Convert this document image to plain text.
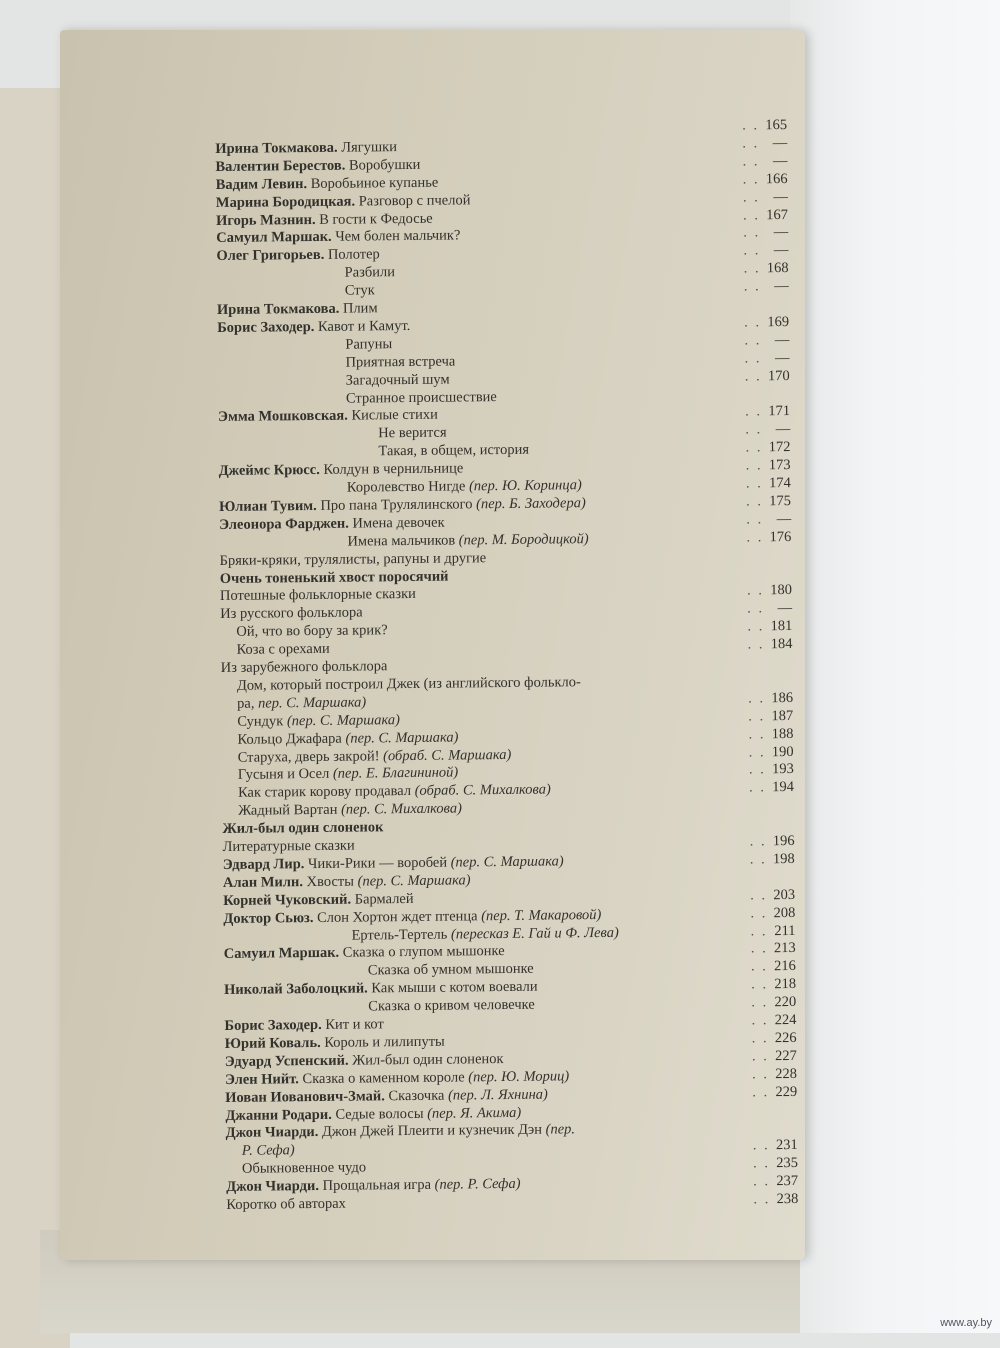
. . 165
Ирина Токмакова. Лягушки	. . —
Валентин Берестов. Воробушки	. . —
Вадим Левин. Воробьиное купанье	. . 166
Марина Бородицкая. Разговор с пчелой	. . —
Игорь Мазнин. В гости к Федосье	. . 167
Самуил Маршак. Чем болен мальчик?	. . —
Олег Григорьев. Полотер	. . —
Разбили	. . 168
Стук	. . —
Ирина Токмакова. Плим
Борис Заходер. Кавот и Камут.	. . 169
Рапуны	. . —
Приятная встреча	. . —
Загадочный шум	. . 170
Странное происшествие
Эмма Мошковская. Кислые стихи	. . 171
Не верится	. . —
Такая, в общем, история	. . 172
Джеймс Крюсс. Колдун в чернильнице	. . 173
Королевство Нигде (пер. Ю. Коринца)	. . 174
Юлиан Тувим. Про пана Трулялинского (пер. Б. Заходера)	. . 175
Элеонора Фарджен. Имена девочек	. . —
Имена мальчиков (пер. М. Бородицкой)	. . 176
Бряки-кряки, трулялисты, рапуны и другие
Очень тоненький хвост поросячий
Потешные фольклорные сказки	. . 180
Из русского фольклора	. . —
Ой, что во бору за крик?	. . 181
Коза с орехами	. . 184
Из зарубежного фольклора
Дом, который построил Джек (из английского фолькло-
ра, пер. С. Маршака)	. . 186
Сундук (пер. С. Маршака)	. . 187
Кольцо Джафара (пер. С. Маршака)	. . 188
Старуха, дверь закрой! (обраб. С. Маршака)	. . 190
Гусыня и Осел (пер. Е. Благининой)	. . 193
Как старик корову продавал (обраб. С. Михалкова)	. . 194
Жадный Вартан (пер. С. Михалкова)
Жил-был один слоненок
Литературные сказки	. . 196
Эдвард Лир. Чики-Рики — воробей (пер. С. Маршака)	. . 198
Алан Милн. Хвосты (пер. С. Маршака)
Корней Чуковский. Бармалей	. . 203
Доктор Сьюз. Слон Хортон ждет птенца (пер. Т. Макаровой)	. . 208
Ертель-Тертель (пересказ Е. Гай и Ф. Лева)	. . 211
Самуил Маршак. Сказка о глупом мышонке	. . 213
Сказка об умном мышонке	. . 216
Николай Заболоцкий. Как мыши с котом воевали	. . 218
Сказка о кривом человечке	. . 220
Борис Заходер. Кит и кот	. . 224
Юрий Коваль. Король и лилипуты	. . 226
Эдуард Успенский. Жил-был один слоненок	. . 227
Элен Нийт. Сказка о каменном короле (пер. Ю. Мориц)	. . 228
Иован Иованович-Змай. Сказочка (пер. Л. Яхнина)	. . 229
Джанни Родари. Седые волосы (пер. Я. Акима)
Джон Чиарди. Джон Джей Плеити и кузнечик Дэн (пер.
Р. Сефа)	. . 231
Обыкновенное чудо	. . 235
Джон Чиарди. Прощальная игра (пер. Р. Сефа)	. . 237
Коротко об авторах	. . 238
www.ay.by
